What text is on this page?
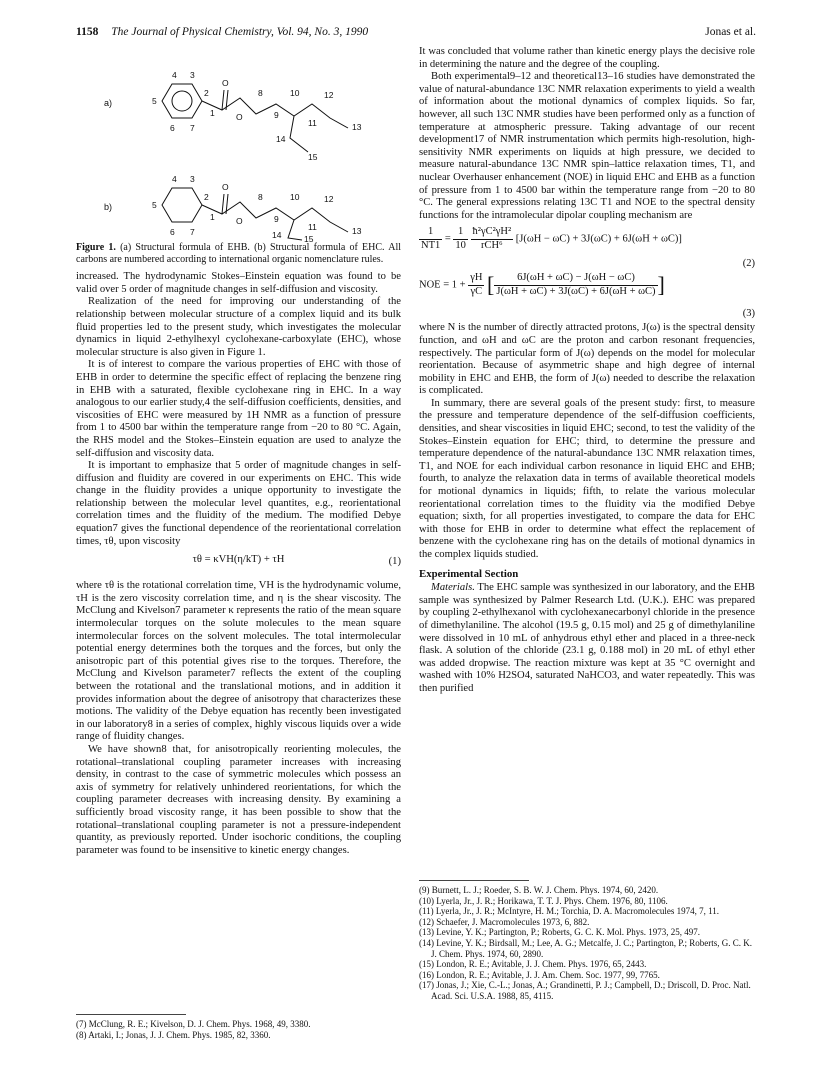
1158 The Journal of Physical Chemistry, Vol. 94, No. 3, 1990	Jonas et al.
a)
4 3
5
2
1
6 7
O
O
8
9
10
11
12
13
14
15
b)
4 3
5
2
1
6 7
O
O
8
9
10
11
12
13
14	15

Figure 1. (a) Structural formula of EHB. (b) Structural formula of EHC. All carbons are numbered according to international organic nomenclature rules.

increased. The hydrodynamic Stokes–Einstein equation was found to be valid over 5 order of magnitude changes in self-diffusion and viscosity.

Realization of the need for improving our understanding of the relationship between molecular structure of a complex liquid and its bulk fluid properties led to the present study, which investigates the molecular dynamics in liquid 2-ethylhexyl cyclohexane-carboxylate (EHC), whose molecular structure is also given in Figure 1.

It is of interest to compare the various properties of EHC with those of EHB in order to determine the specific effect of replacing the benzene ring in EHB with a saturated, flexible cyclohexane ring in EHC. In a way analogous to our earlier study,4 the self-diffusion coefficients, densities, and viscosities of EHC were measured by 1H NMR as a function of pressure from 1 to 4500 bar within the temperature range from −20 to 80 °C. Again, the RHS model and the Stokes–Einstein equation are used to analyze the self-diffusion and viscosity data.

It is important to emphasize that 5 order of magnitude changes in self-diffusion and fluidity are covered in our experiments on EHC. This wide change in the fluidity provides a unique opportunity to investigate the relationship between the molecular level quantites, e.g., reorientational correlation times and the fluidity of the medium. The modified Debye equation7 gives the functional dependence of the reorientational correlation times, τθ, upon viscosity

τθ = κVH(η/kT) + τH	(1)

where τθ is the rotational correlation time, VH is the hydrodynamic volume, τH is the zero viscosity correlation time, and η is the shear viscosity. The McClung and Kivelson7 parameter κ represents the ratio of the mean square intermolecular torques on the solute molecules to the mean square intermolecular forces on the solvent molecules. The total intermolecular potential energy determines both the torques and the forces, but only the anisotropic part of this potential gives rise to the torques. Therefore, the McClung and Kivelson parameter7 reflects the extent of the coupling between the rotational and the translational motions, and in addition it provides information about the degree of anisotropy that characterizes these motions. The validity of the Debye equation has recently been investigated in our laboratory8 in a series of complex, highly viscous liquids over a wide range of fluidity changes.

We have shown8 that, for anisotropically reorienting molecules, the rotational–translational coupling parameter increases with increasing density, in contrast to the case of symmetric molecules which possess an axis of symmetry for relatively unhindered reorientations, for which the coupling parameter decreases with increasing density. By examining a sufficiently broad viscosity range, it has been possible to show that the rotational–translational coupling parameter is not a pressure-independent quantity, as previously reported. Under isochoric conditions, the coupling parameter was found to be insensitive to kinetic energy changes.

(7) McClung, R. E.; Kivelson, D. J. Chem. Phys. 1968, 49, 3380.

(8) Artaki, I.; Jonas, J. J. Chem. Phys. 1985, 82, 3360.

It was concluded that volume rather than kinetic energy plays the decisive role in determining the nature and the degree of the coupling.

Both experimental9–12 and theoretical13–16 studies have demonstrated the value of natural-abundance 13C NMR relaxation experiments to yield a wealth of information about the motional dynamics of complex liquids. So far, however, all such 13C NMR studies have been performed only as a function of temperature at atmospheric pressure. Taking advantage of our recent development17 of NMR instrumentation which permits high-resolution, high-sensitivity NMR experiments on liquids at high pressure, we decided to measure natural-abundance 13C NMR spin–lattice relaxation times, T1, and nuclear Overhauser enhancement (NOE) in liquid EHC and EHB as a function of pressure from 1 to 4500 bar within the temperature range from −20 to 80 °C. The general expressions relating 13C T1 and NOE to the spectral density functions for the intramolecular dipolar coupling mechanism are

$\frac{1}{NT1} = \frac{1}{10}$
$\frac{\text{ħ²γC²γH²}}{\text{rCH⁶}} [J(\omega H - \omega C) + 3J(\omega C) + 6J(\omega H + \omega C)]$
(2)
NOE = $1 + \frac{\gamma H}{\gamma C}$ [ $\frac{6J(\omega H + \omega C) - J(\omega H - \omega C)}{J(\omega H + \omega C) + 3J(\omega C) + 6J(\omega H + \omega C)}$ ]
(3)

where N is the number of directly attracted protons, J(ω) is the spectral density function, and ωH and ωC are the proton and carbon resonant frequencies, respectively. The particular form of J(ω) depends on the model for molecular reorientation. Because of asymmetric shape and high degree of internal mobility in EHC and EHB, the form of J(ω) needed to describe the relaxation is complicated.

In summary, there are several goals of the present study: first, to measure the pressure and temperature dependence of the self-diffusion coefficients, densities, and shear viscosities in liquid EHC; second, to test the validity of the Stokes–Einstein equation for EHC; third, to determine the pressure and temperature dependence of the natural-abundance 13C NMR relaxation times, T1, and NOE for each individual carbon resonance in liquid EHC and EHB; fourth, to analyze the relaxation data in terms of available theoretical models for motional dynamics in liquids; fifth, to relate the various molecular reorientational correlation times to the fluidity via the modified Debye equation; sixth, for all properties investigated, to compare the data for EHC with those for EHB in order to determine what effect the replacement of benzene with the cyclohexane ring has on the details of motional dynamics in the complex liquids studied.

Experimental Section

Materials. The EHC sample was synthesized in our laboratory, and the EHB sample was synthesized by Palmer Research Ltd. (U.K.). EHC was prepared by coupling 2-ethylhexanol with cyclohexanecarbonyl chloride in the presence of dimethylaniline. The alcohol (19.5 g, 0.15 mol) and 25 g of dimethylaniline were dissolved in 10 mL of anhydrous ethyl ether and placed in a three-neck flask. A solution of the chloride (23.1 g, 0.188 mol) in 20 mL of ethyl ether was added dropwise. The reaction mixture was kept at 35 °C overnight and washed with 10% H2SO4, saturated NaHCO3, and water repeatedly. This was then purified

(9) Burnett, L. J.; Roeder, S. B. W. J. Chem. Phys. 1974, 60, 2420.

(10) Lyerla, Jr., J. R.; Horikawa, T. T. J. Phys. Chem. 1976, 80, 1106.

(11) Lyerla, Jr., J. R.; McIntyre, H. M.; Torchia, D. A. Macromolecules 1974, 7, 11.

(12) Schaefer, J. Macromolecules 1973, 6, 882.

(13) Levine, Y. K.; Partington, P.; Roberts, G. C. K. Mol. Phys. 1973, 25, 497.

(14) Levine, Y. K.; Birdsall, M.; Lee, A. G.; Metcalfe, J. C.; Partington, P.; Roberts, G. C. K. J. Chem. Phys. 1974, 60, 2890.

(15) London, R. E.; Avitable, J. J. Chem. Phys. 1976, 65, 2443.

(16) London, R. E.; Avitable, J. J. Am. Chem. Soc. 1977, 99, 7765.

(17) Jonas, J.; Xie, C.-L.; Jonas, A.; Grandinetti, P. J.; Campbell, D.; Driscoll, D. Proc. Natl. Acad. Sci. U.S.A. 1988, 85, 4115.
